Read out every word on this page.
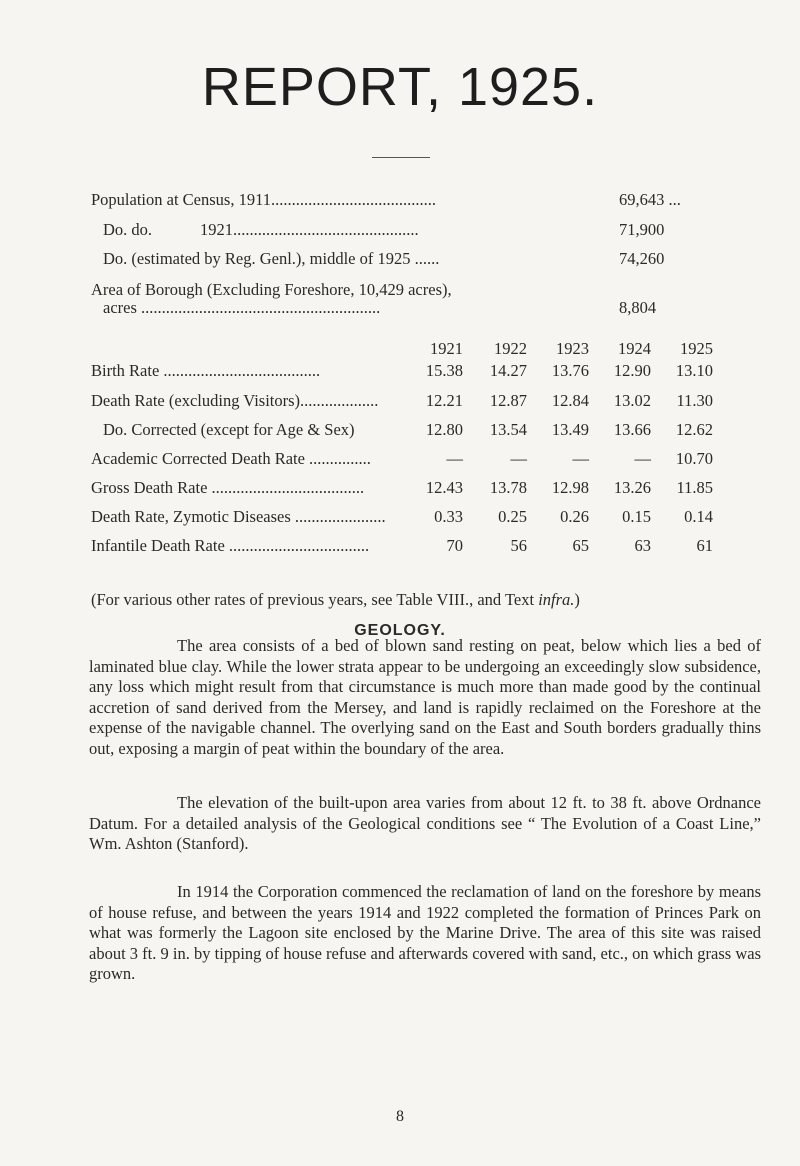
REPORT, 1925.
Population at Census, 1911........................................	69,643 ...
Do. do.	1921.............................................	71,900
Do. (estimated by Reg. Genl.), middle of 1925 ......	74,260
Area of Borough (Excluding Foreshore, 10,429 acres),
acres ..........................................................	8,804
1921	1922	1923	1924	1925
Birth Rate ......................................	15.38	14.27	13.76	12.90	13.10
Death Rate (excluding Visitors)...................	12.21	12.87	12.84	13.02	11.30
(For various other rates of previous years, see Table VIII., and Text infra.)
Do. Corrected (except for Age & Sex)	12.80	13.54	13.49	13.66	12.62
Academic Corrected Death Rate ...............	—	—	—	—	10.70
Gross Death Rate .....................................	12.43	13.78	12.98	13.26	11.85
Death Rate, Zymotic Diseases ......................	0.33	0.25	0.26	0.15	0.14
Infantile Death Rate ..................................	70	56	65	63	61
GEOLOGY.

The area consists of a bed of blown sand resting on peat, below which lies a bed of laminated blue clay. While the lower strata appear to be undergoing an exceedingly slow subsidence, any loss which might result from that circumstance is much more than made good by the continual accretion of sand derived from the Mersey, and land is rapidly reclaimed on the Foreshore at the expense of the navigable channel. The overlying sand on the East and South borders gradually thins out, exposing a margin of peat within the boundary of the area.

The elevation of the built-upon area varies from about 12 ft. to 38 ft. above Ordnance Datum. For a detailed analysis of the Geological conditions see “ The Evolution of a Coast Line,” Wm. Ashton (Stanford).

In 1914 the Corporation commenced the reclamation of land on the foreshore by means of house refuse, and between the years 1914 and 1922 completed the formation of Princes Park on what was formerly the Lagoon site enclosed by the Marine Drive. The area of this site was raised about 3 ft. 9 in. by tipping of house refuse and afterwards covered with sand, etc., on which grass was grown.

8
